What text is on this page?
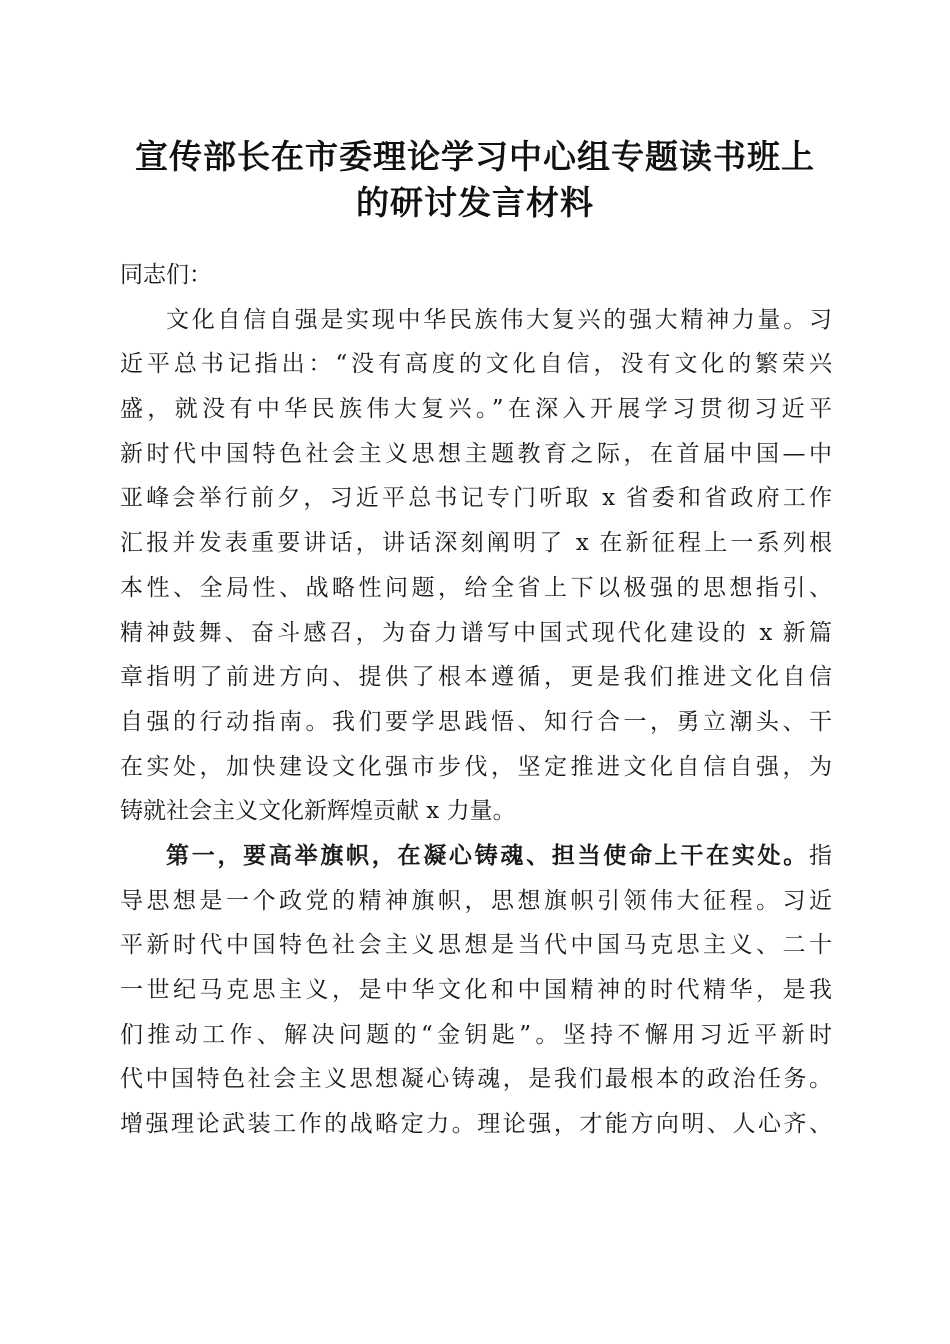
宣传部长在市委理论学习中心组专题读书班上
的研讨发言材料
同志们：
文化自信自强是实现中华民族伟大复兴的强大精神力量。习
近平总书记指出：“没有高度的文化自信，没有文化的繁荣兴
盛，就没有中华民族伟大复兴。”在深入开展学习贯彻习近平
新时代中国特色社会主义思想主题教育之际，在首届中国—中
亚峰会举行前夕，习近平总书记专门听取 x 省委和省政府工作
汇报并发表重要讲话，讲话深刻阐明了 x 在新征程上一系列根
本性、全局性、战略性问题，给全省上下以极强的思想指引、
精神鼓舞、奋斗感召，为奋力谱写中国式现代化建设的 x 新篇
章指明了前进方向、提供了根本遵循，更是我们推进文化自信
自强的行动指南。我们要学思践悟、知行合一，勇立潮头、干
在实处，加快建设文化强市步伐，坚定推进文化自信自强，为
铸就社会主义文化新辉煌贡献 x 力量。
第一，要高举旗帜，在凝心铸魂、担当使命上干在实处。指
导思想是一个政党的精神旗帜，思想旗帜引领伟大征程。习近
平新时代中国特色社会主义思想是当代中国马克思主义、二十
一世纪马克思主义，是中华文化和中国精神的时代精华，是我
们推动工作、解决问题的“金钥匙”。坚持不懈用习近平新时
代中国特色社会主义思想凝心铸魂，是我们最根本的政治任务。
增强理论武装工作的战略定力。理论强，才能方向明、人心齐、
